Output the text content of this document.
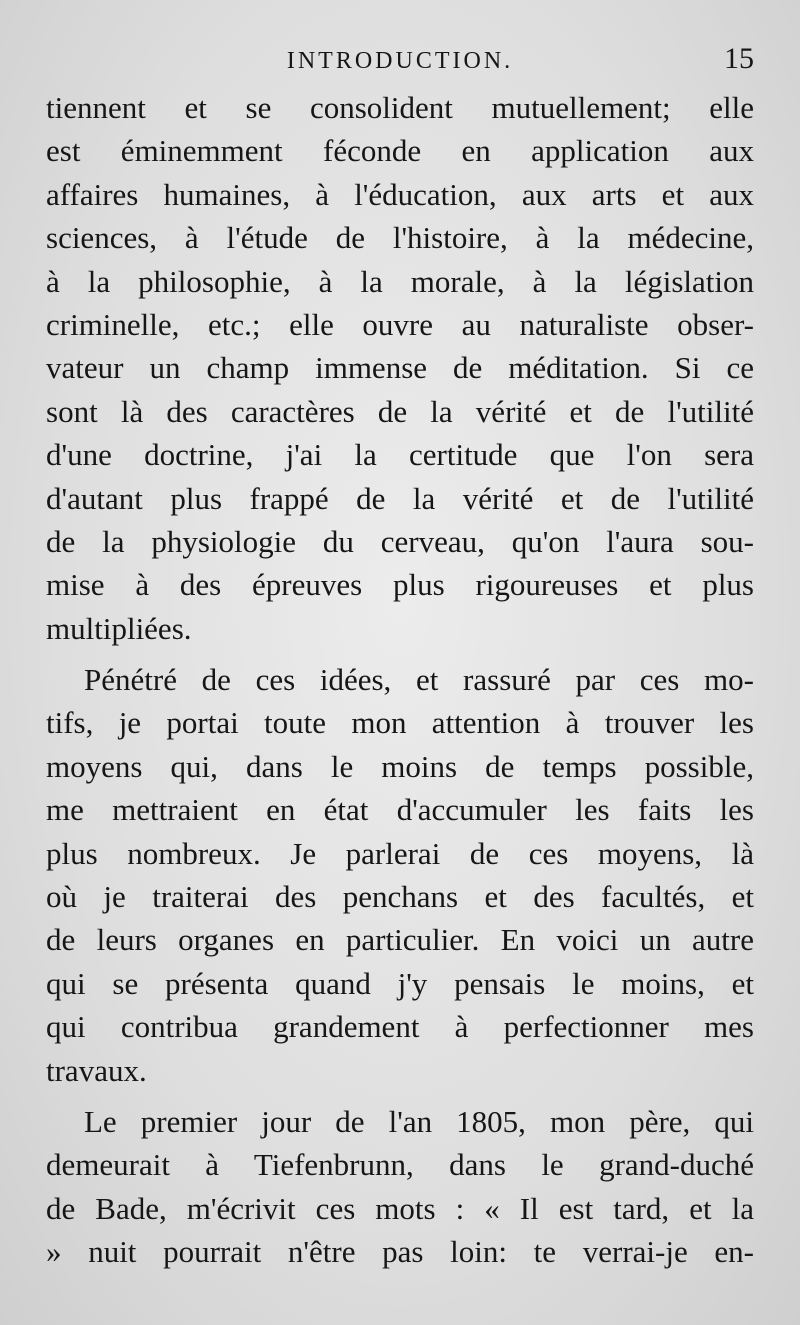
INTRODUCTION.	15
tiennent et se consolident mutuellement; elle
est éminemment féconde en application aux
affaires humaines, à l'éducation, aux arts et aux
sciences, à l'étude de l'histoire, à la médecine,
à la philosophie, à la morale, à la législation
criminelle, etc.; elle ouvre au naturaliste obser-
vateur un champ immense de méditation. Si ce
sont là des caractères de la vérité et de l'utilité
d'une doctrine, j'ai la certitude que l'on sera
d'autant plus frappé de la vérité et de l'utilité
de la physiologie du cerveau, qu'on l'aura sou-
mise à des épreuves plus rigoureuses et plus
multipliées.
Pénétré de ces idées, et rassuré par ces mo-
tifs, je portai toute mon attention à trouver les
moyens qui, dans le moins de temps possible,
me mettraient en état d'accumuler les faits les
plus nombreux. Je parlerai de ces moyens, là
où je traiterai des penchans et des facultés, et
de leurs organes en particulier. En voici un autre
qui se présenta quand j'y pensais le moins, et
qui contribua grandement à perfectionner mes
travaux.
Le premier jour de l'an 1805, mon père, qui
demeurait à Tiefenbrunn, dans le grand-duché
de Bade, m'écrivit ces mots : « Il est tard, et la
» nuit pourrait n'être pas loin: te verrai-je en-
